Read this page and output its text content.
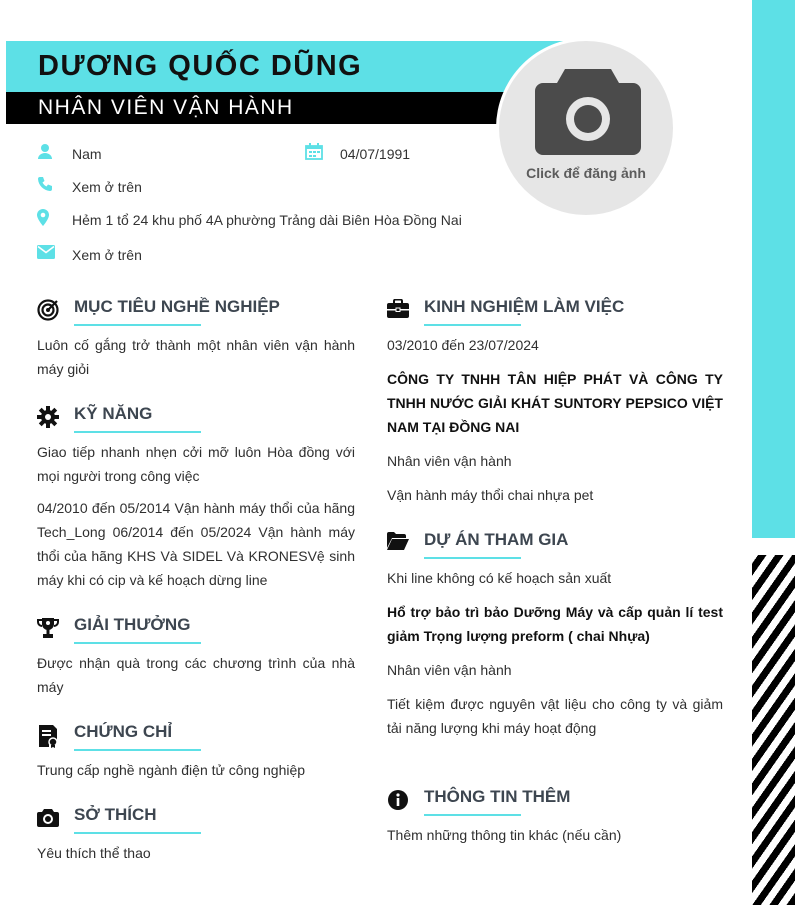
DƯƠNG QUỐC DŨNG
NHÂN VIÊN VẬN HÀNH
Click để đăng ảnh
Nam	04/07/1991
Xem ở trên
Hẻm 1 tổ 24 khu phố 4A phường Trảng dài Biên Hòa Đồng Nai
Xem ở trên
MỤC TIÊU NGHỀ NGHIỆP
Luôn cố gắng trở thành một nhân viên vận hành máy giỏi
KỸ NĂNG
Giao tiếp nhanh nhẹn cởi mỡ luôn Hòa đồng với mọi người trong công việc
04/2010 đến 05/2014 Vận hành máy thổi của hãng Tech_Long 06/2014 đến 05/2024 Vận hành máy thổi của hãng KHS Và SIDEL Và KRONESVệ sinh máy khi có cip và kế hoạch dừng line
GIẢI THƯỞNG
Được nhận quà trong các chương trình của nhà máy
CHỨNG CHỈ
Trung cấp nghề ngành điện tử công nghiệp
SỞ THÍCH
Yêu thích thể thao
KINH NGHIỆM LÀM VIỆC
03/2010 đến 23/07/2024
CÔNG TY TNHH TÂN HIỆP PHÁT VÀ CÔNG TY TNHH NƯỚC GIẢI KHÁT SUNTORY PEPSICO VIỆT NAM TẠI ĐỒNG NAI
Nhân viên vận hành
Vận hành máy thổi chai nhựa pet
DỰ ÁN THAM GIA
Khi line không có kế hoạch sản xuất
Hổ trợ bảo trì bảo Dưỡng Máy và cấp quản lí test giảm Trọng lượng preform ( chai Nhựa)
Nhân viên vận hành
Tiết kiệm được nguyên vật liệu cho công ty và giảm tải năng lượng khi máy hoạt động
THÔNG TIN THÊM
Thêm những thông tin khác (nếu cần)
